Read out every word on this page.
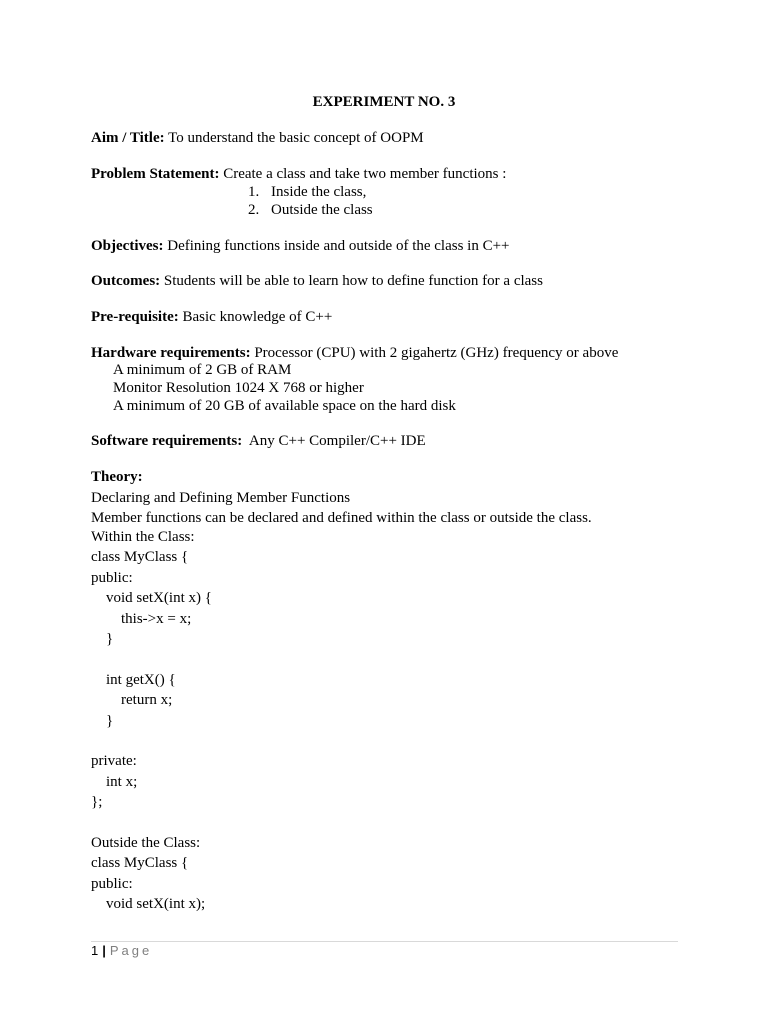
EXPERIMENT NO. 3
Aim / Title: To understand the basic concept of OOPM
Problem Statement: Create a class and take two member functions :
1. Inside the class,
2. Outside the class
Objectives: Defining functions inside and outside of the class in C++
Outcomes: Students will be able to learn how to define function for a class
Pre-requisite: Basic knowledge of C++
Hardware requirements: Processor (CPU) with 2 gigahertz (GHz) frequency or above
A minimum of 2 GB of RAM
Monitor Resolution 1024 X 768 or higher
A minimum of 20 GB of available space on the hard disk
Software requirements:  Any C++ Compiler/C++ IDE
Theory:
Declaring and Defining Member Functions
Member functions can be declared and defined within the class or outside the class.
Within the Class:
class MyClass {
public:
void setX(int x) {
this->x = x;
}
int getX() {
return x;
}
private:
int x;
};
Outside the Class:
class MyClass {
public:
void setX(int x);
1 | Page
